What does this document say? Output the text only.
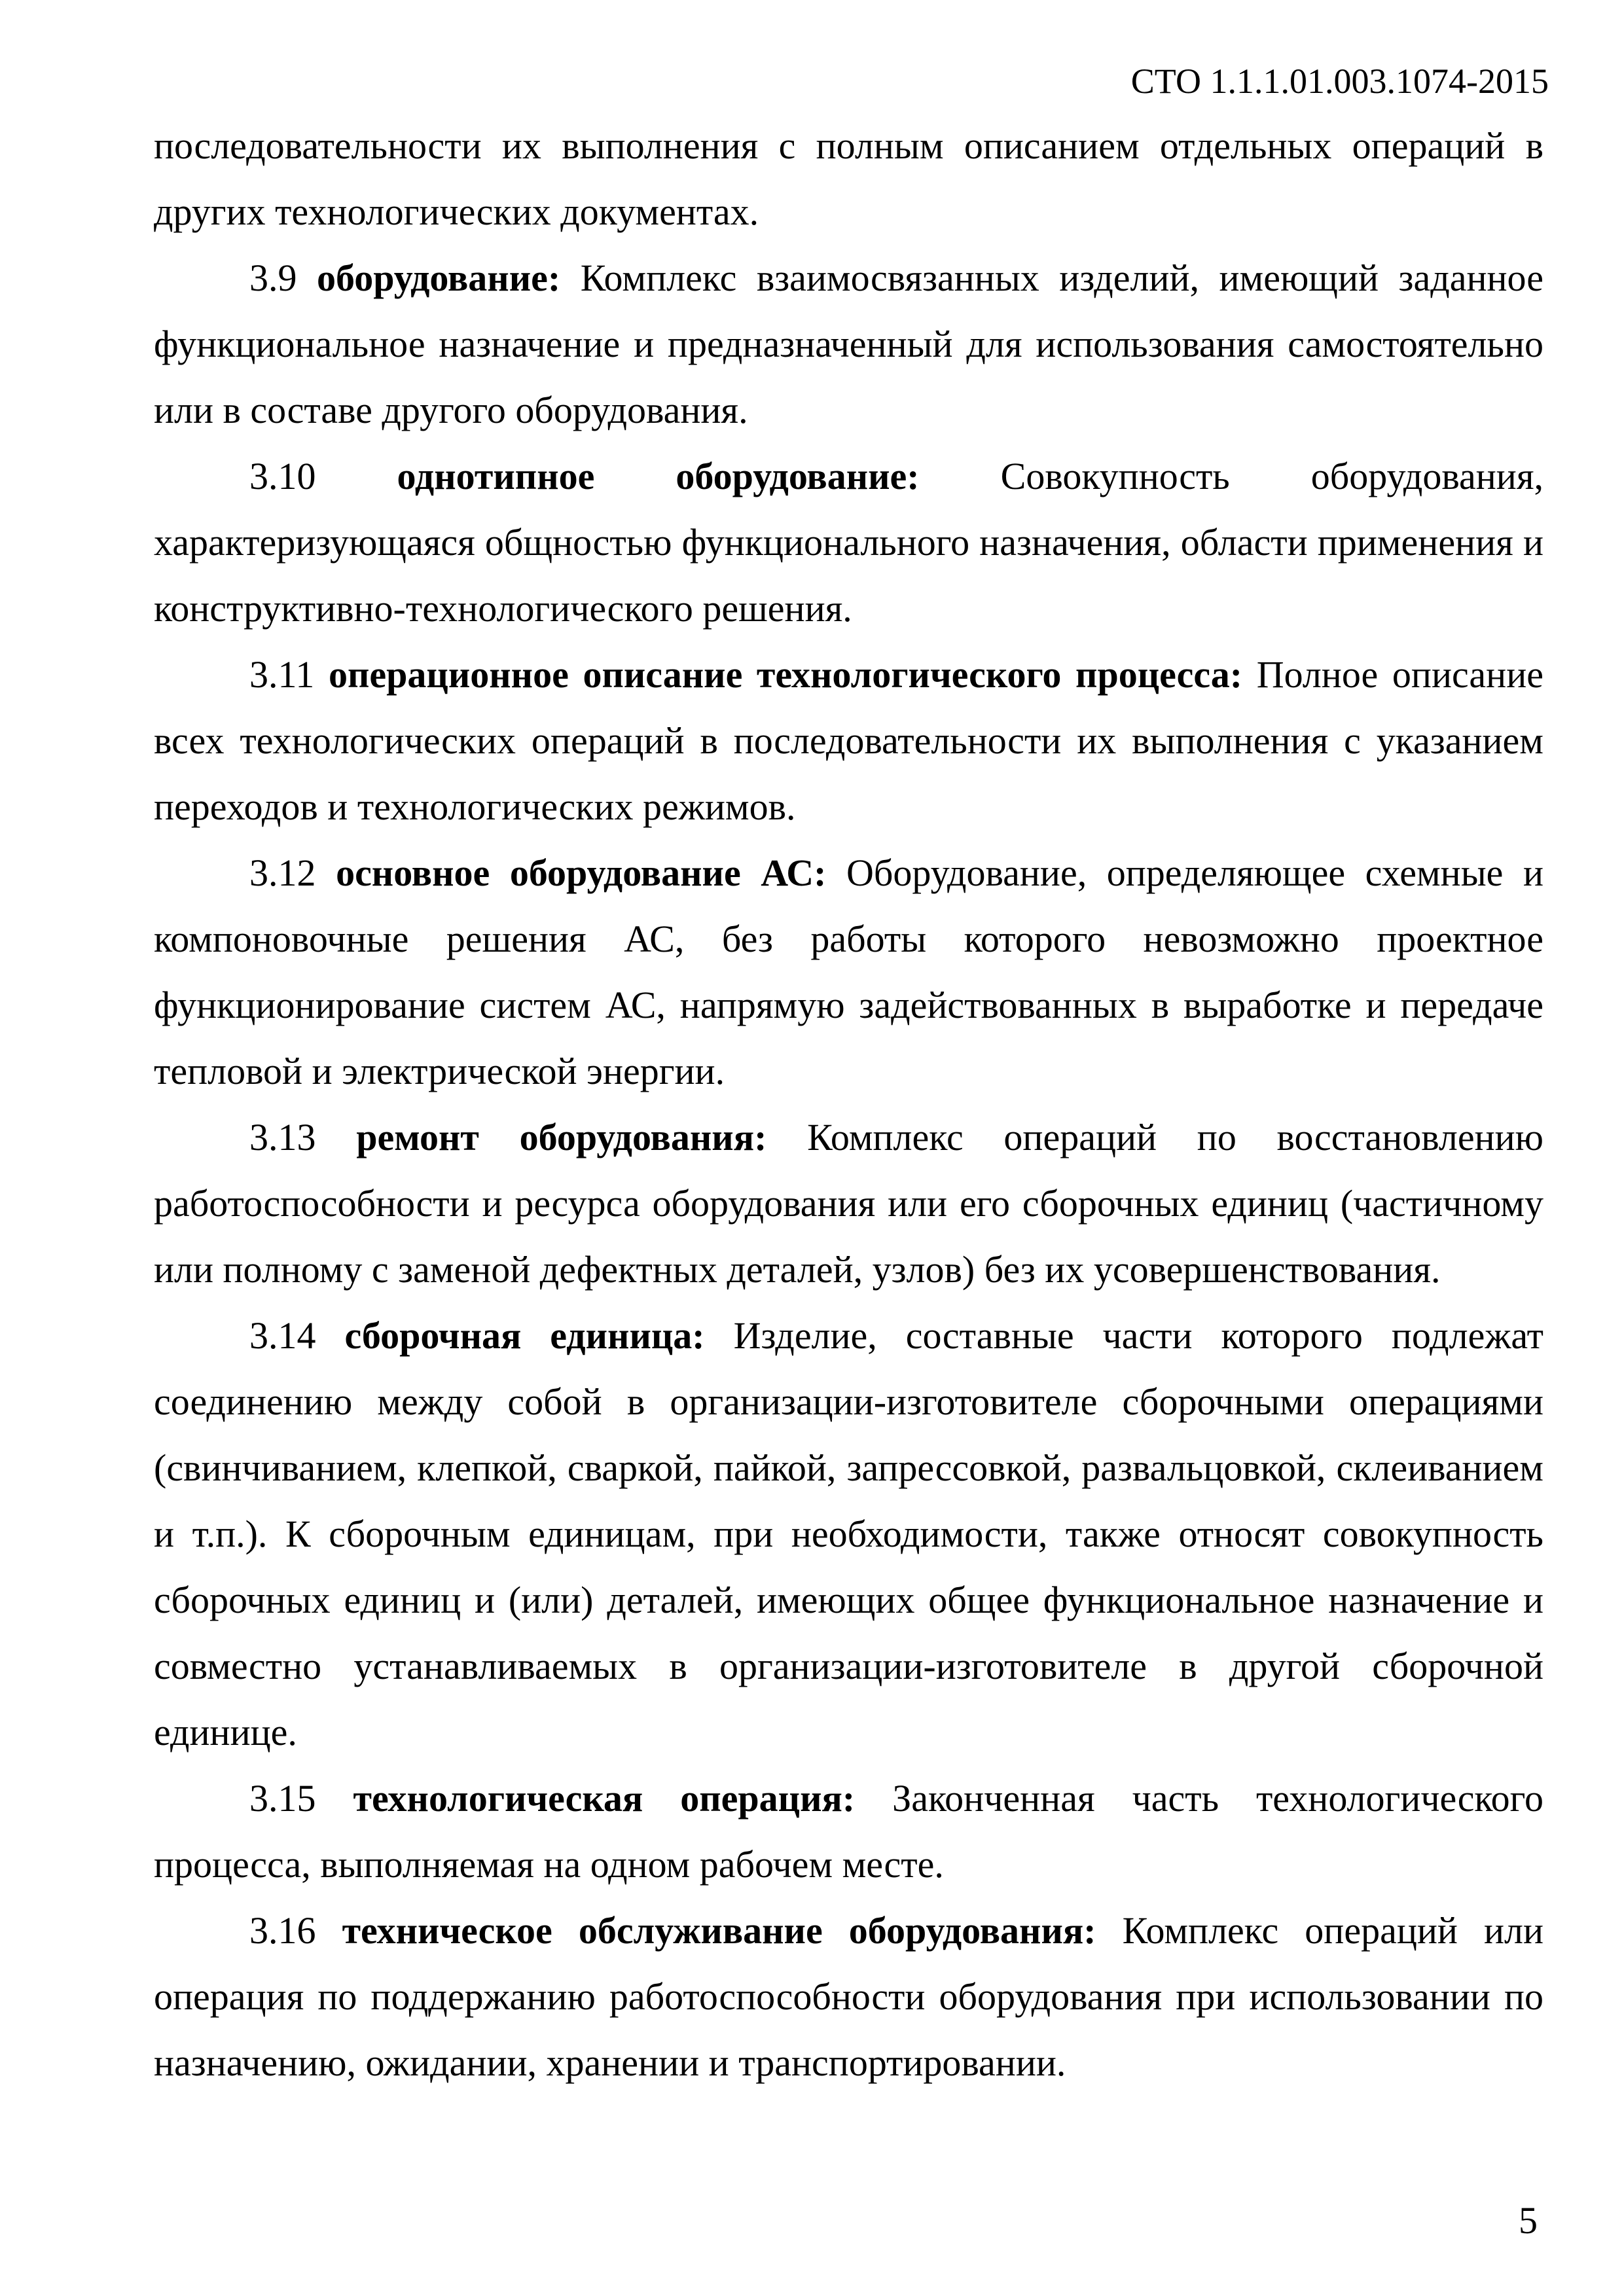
СТО 1.1.1.01.003.1074-2015

последовательности их выполнения с полным описанием отдельных операций в других технологических документах.

3.9 оборудование: Комплекс взаимосвязанных изделий, имеющий заданное функциональное назначение и предназначенный для использования самостоятельно или в составе другого оборудования.

3.10 однотипное оборудование: Совокупность оборудования, характеризующаяся общностью функционального назначения, области применения и конструктивно-технологического решения.

3.11 операционное описание технологического процесса: Полное описание всех технологических операций в последовательности их выполнения с указанием переходов и технологических режимов.

3.12 основное оборудование АС: Оборудование, определяющее схемные и компоновочные решения АС, без работы которого невозможно проектное функционирование систем АС, напрямую задействованных в выработке и передаче тепловой и электрической энергии.

3.13 ремонт оборудования: Комплекс операций по восстановлению работоспособности и ресурса оборудования или его сборочных единиц (частичному или полному с заменой дефектных деталей, узлов) без их усовершенствования.

3.14 сборочная единица: Изделие, составные части которого подлежат соединению между собой в организации-изготовителе сборочными операциями (свинчиванием, клепкой, сваркой, пайкой, запрессовкой, развальцовкой, склеиванием и т.п.). К сборочным единицам, при необходимости, также относят совокупность сборочных единиц и (или) деталей, имеющих общее функциональное назначение и совместно устанавливаемых в организации-изготовителе в другой сборочной единице.

3.15 технологическая операция: Законченная часть технологического процесса, выполняемая на одном рабочем месте.

3.16 техническое обслуживание оборудования: Комплекс операций или операция по поддержанию работоспособности оборудования при использовании по назначению, ожидании, хранении и транспортировании.

5
